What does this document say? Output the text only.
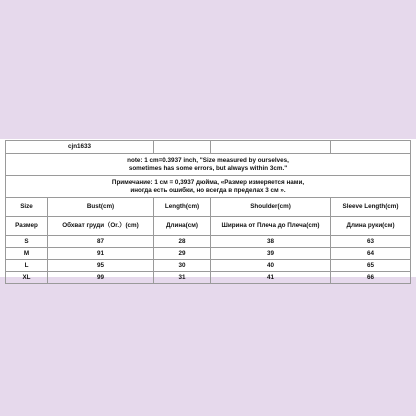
cjn1633				

note: 1 cm=0.3937 inch, "Size measured by ourselves,
sometimes has some errors, but always within 3cm."				

Примечание: 1 см = 0,3937 дюйма, «Размер измеряется нами,
иногда есть ошибки, но всегда в пределах 3 см ».				

Size	Bust(cm)	Length(cm)	Shoulder(cm)	Sleeve Length(cm)
Размер	Обхват груди（Or.）(cm)	Длина(см)	Ширина от Плеча до Плеча(cm)	Длина руки(см)
S	87	28	38	63
M	91	29	39	64
L	95	30	40	65
XL	99	31	41	66
